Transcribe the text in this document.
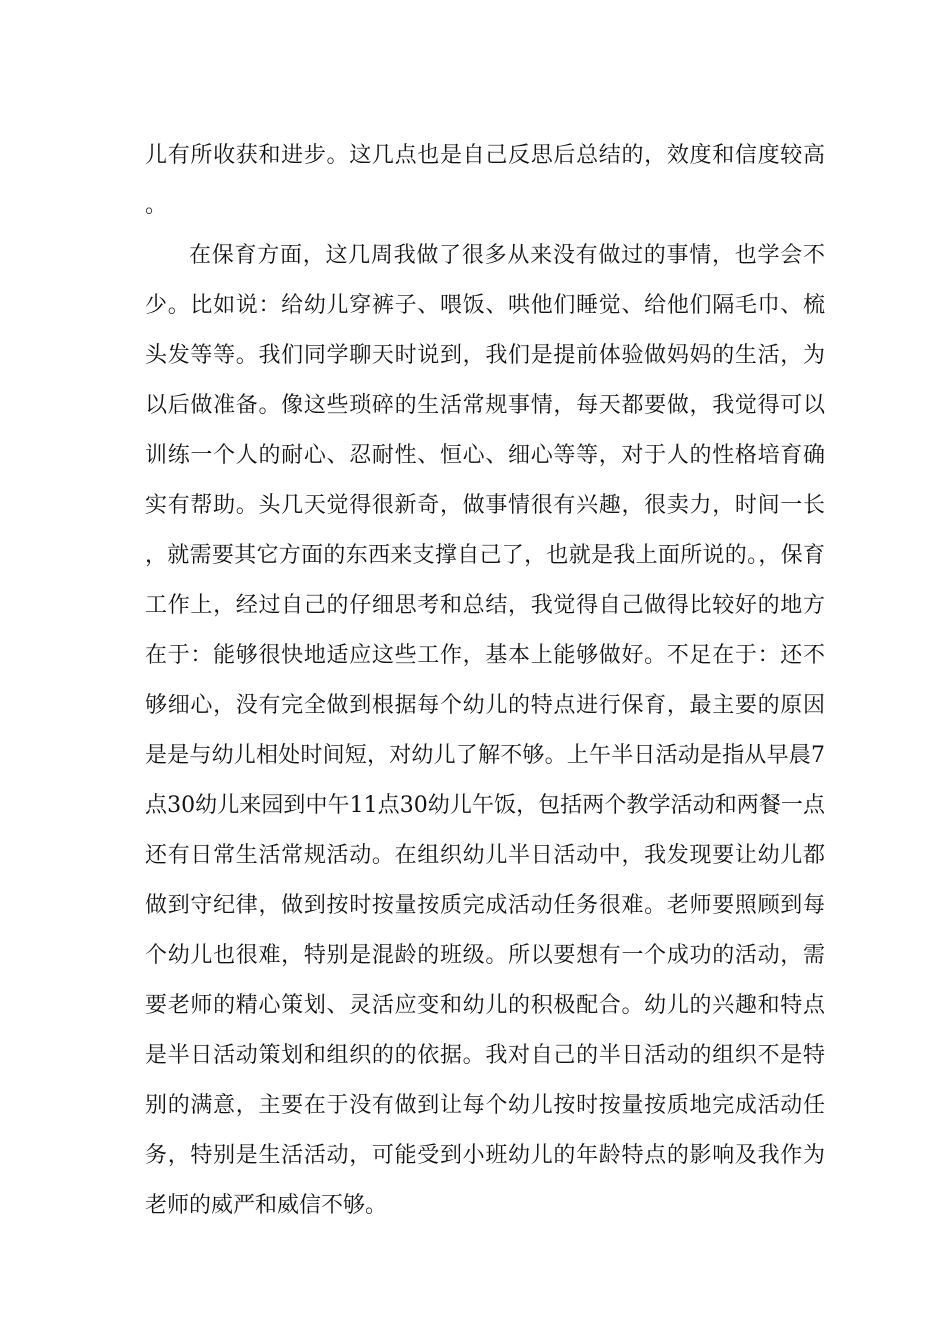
儿有所收获和进步。这几点也是自己反思后总结的，效度和信度较高。

在保育方面，这几周我做了很多从来没有做过的事情，也学会不少。比如说：给幼儿穿裤子、喂饭、哄他们睡觉、给他们隔毛巾、梳头发等等。我们同学聊天时说到，我们是提前体验做妈妈的生活，为以后做准备。像这些琐碎的生活常规事情，每天都要做，我觉得可以训练一个人的耐心、忍耐性、恒心、细心等等，对于人的性格培育确实有帮助。头几天觉得很新奇，做事情很有兴趣，很卖力，时间一长，就需要其它方面的东西来支撑自己了，也就是我上面所说的。，保育工作上，经过自己的仔细思考和总结，我觉得自己做得比较好的地方在于：能够很快地适应这些工作，基本上能够做好。不足在于：还不够细心，没有完全做到根据每个幼儿的特点进行保育，最主要的原因是是与幼儿相处时间短，对幼儿了解不够。上午半日活动是指从早晨7点30幼儿来园到中午11点30幼儿午饭，包括两个教学活动和两餐一点还有日常生活常规活动。在组织幼儿半日活动中，我发现要让幼儿都做到守纪律，做到按时按量按质完成活动任务很难。老师要照顾到每个幼儿也很难，特别是混龄的班级。所以要想有一个成功的活动，需要老师的精心策划、灵活应变和幼儿的积极配合。幼儿的兴趣和特点是半日活动策划和组织的的依据。我对自己的半日活动的组织不是特别的满意，主要在于没有做到让每个幼儿按时按量按质地完成活动任务，特别是生活活动，可能受到小班幼儿的年龄特点的影响及我作为老师的威严和威信不够。
